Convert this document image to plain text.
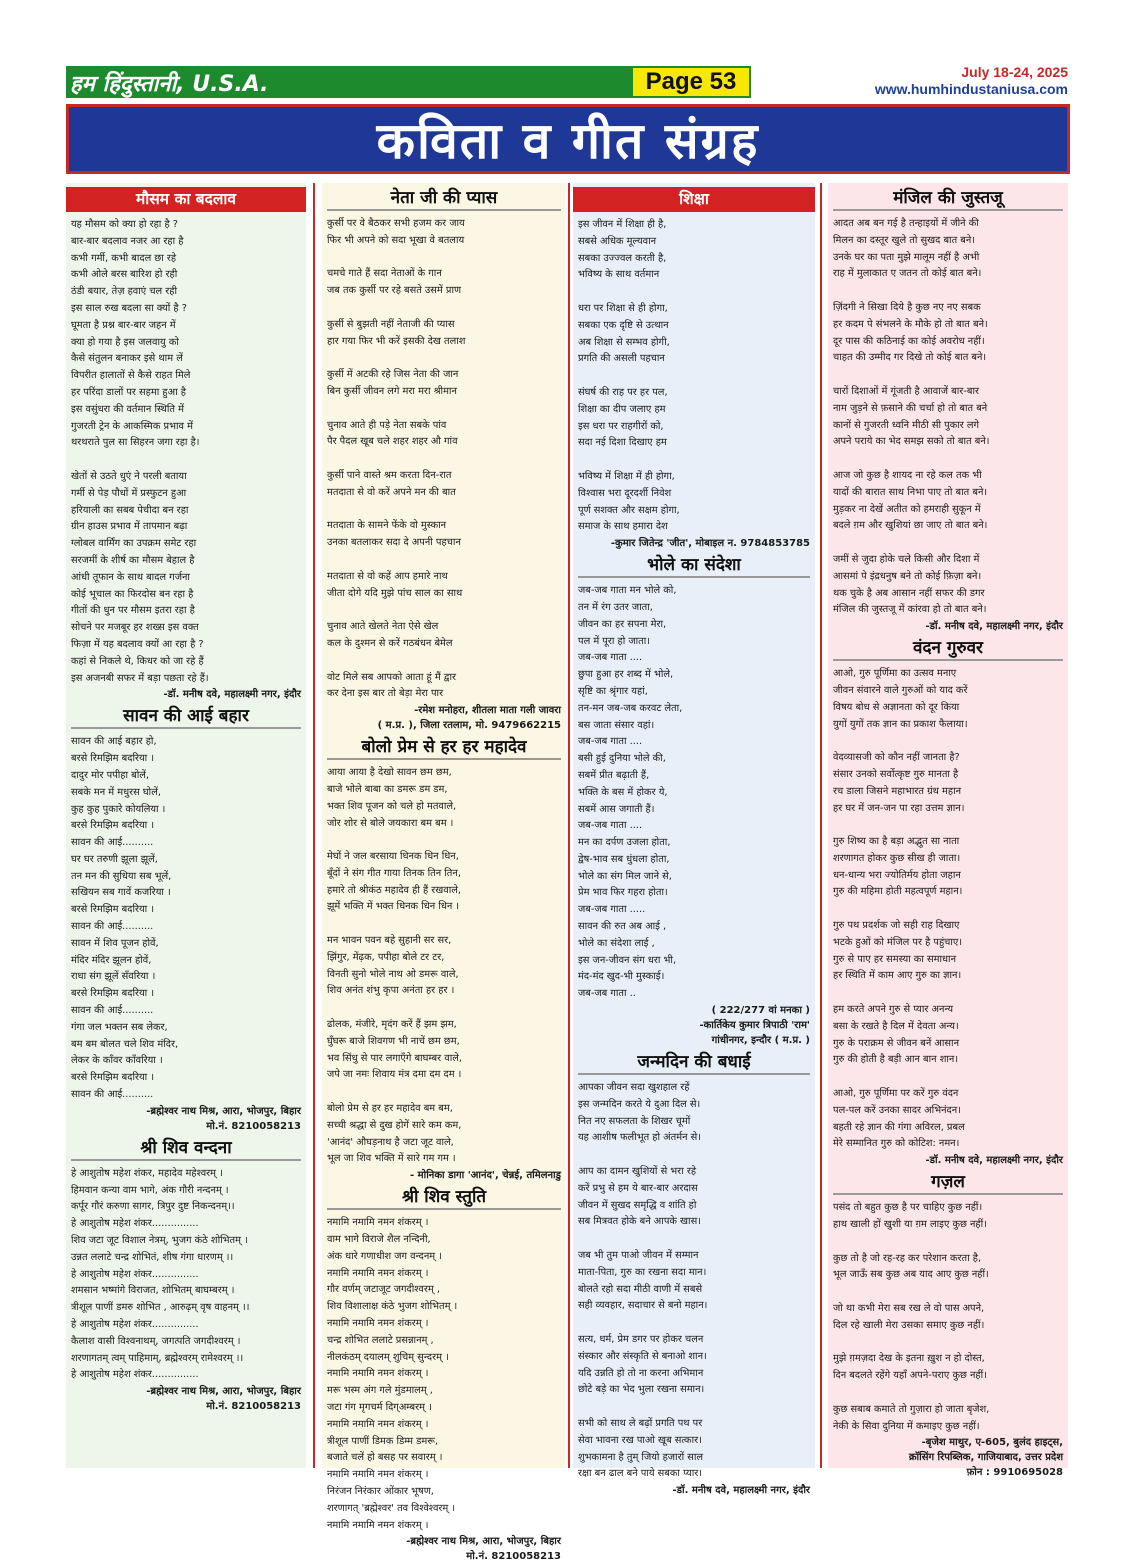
हम हिंदुस्तानी, U.S.A.	Page 53	July 18-24, 2025
www.humhindustaniusa.com
कविता व गीत संग्रह
मौसम का बदलाव
यह मौसम को क्या हो रहा है ?
बार-बार बदलाव नजर आ रहा है
कभी गर्मी, कभी बादल छा रहे
कभी ओले बरस बारिश हो रही
ठंडी बयार, तेज़ हवाएं चल रही
इस साल रुख बदला सा क्यों है ?
घूमता है प्रश्न बार-बार जहन में
क्या हो गया है इस जलवायु को
कैसे संतुलन बनाकर इसे थाम लें
विपरीत हालातों से कैसे राहत मिले
हर परिंदा डालों पर सहमा हुआ है
इस वसुंधरा की वर्तमान स्थिति में
गुजरती ट्रेन के आकस्मिक प्रभाव में
थरथराते पुल सा सिहरन जगा रहा है।

खेतों से उठते धुएं ने परली बताया
गर्मी से पेड़ पौधों में प्रस्फुटन हुआ
हरियाली का सबब पेचीदा बन रहा
ग्रीन हाउस प्रभाव में तापमान बढ़ा
ग्लोबल वार्मिंग का उपक्रम समेट रहा
सरजमीं के शीर्ष का मौसम बेहाल है
आंधी तूफान के साथ बादल गर्जना
कोई भूचाल का फिरदोस बन रहा है
गीतों की धुन पर मौसम इतरा रहा है
सोचने पर मजबूर हर शख्स इस वक्त
फिज़ा में यह बदलाव क्यों आ रहा है ?
कहां से निकले थे, किधर को जा रहे हैं
इस अजनबी सफर में बड़ा पछता रहे हैं।
-डॉ. मनीष दवे, महालक्ष्मी नगर, इंदौर
सावन की आई बहार
सावन की आई बहार हो,
बरसे रिमझिम बदरिया ।
दादुर मोर पपीहा बोलें,
सबके मन में मधुरस घोलें,
कुह कुह पुकारे कोयलिया ।
बरसे रिमझिम बदरिया ।
सावन की आई..........
घर घर तरुणी झूला झूलें,
तन मन की सुधिया सब भूलें,
सखियन सब गावें कजरिया ।
बरसे रिमझिम बदरिया ।
सावन की आई..........
सावन में शिव पूजन होवें,
मंदिर मंदिर झूलन होवें,
राधा संग झूलें सँवरिया ।
बरसे रिमझिम बदरिया ।
सावन की आई..........
गंगा जल भक्तन सब लेकर,
बम बम बोलत चले शिव मंदिर,
लेकर के काँवर काँवरिया ।
बरसे रिमझिम बदरिया ।
सावन की आई..........
-ब्रह्मेश्वर नाथ मिश्र, आरा, भोजपुर, बिहार
मो.नं. 8210058213
श्री शिव वन्दना
हे आशुतोष महेश शंकर, महादेव महेश्वरम् ।
हिमवान कन्या वाम भागे, अंक गौरी नन्दनम् ।
कर्पूर गौरं करुणा सागर, त्रिपुर दुष्ट निकन्दनम्।।
हे आशुतोष महेश शंकर...............
शिव जटा जूट विशाल नेत्रम्, भुजग कंठे शोभितम् ।
उन्नत ललाटे चन्द्र शोभितं, शीष गंगा धारणम् ।।
हे आशुतोष महेश शंकर...............
शमसान भष्मांगे विराजत, शोभितम् बाघम्बरम् ।
त्रीशूल पाणीं डमरु शोभित , आरुढ़म् वृष वाहनम् ।।
हे आशुतोष महेश शंकर...............
कैलाश वासी विश्वनाथम्, जगत्पति जगदीश्वरम् ।
शरणागतम् त्वम् पाहिमाम्, ब्रह्मेश्वरम् रामेश्वरम् ।।
हे आशुतोष महेश शंकर...............
-ब्रह्मेश्वर नाथ मिश्र, आरा, भोजपुर, बिहार
मो.नं. 8210058213
नेता जी की प्यास
कुर्सी पर वे बैठकर सभी हजम कर जाय
फिर भी अपने को सदा भूखा वे बतलाय

चमचे गाते हैं सदा नेताओं के गान
जब तक कुर्सी पर रहे बसते उसमें प्राण

कुर्सी से बुझती नहीं नेताजी की प्यास
हार गया फिर भी करें इसकी देख तलाश

कुर्सी में अटकी रहे जिस नेता की जान
बिन कुर्सी जीवन लगे मरा मरा श्रीमान

चुनाव आते ही पड़े नेता सबके पांव
पैर पैदल खूब चले शहर शहर औ गांव

कुर्सी पाने वास्ते श्रम करता दिन-रात
मतदाता से वो करें अपने मन की बात

मतदाता के सामने फेंके वो मुस्कान
उनका बतलाकर सदा दे अपनी पहचान

मतदाता से वो कहें आप हमारे नाथ
जीता दोगे यदि मुझे पांच साल का साथ

चुनाव आते खेलते नेता ऐसे खेल
कल के दुश्मन से करें गठबंधन बेमेल

वोट मिले सब आपको आता हूं मैं द्वार
कर देना इस बार तो बेड़ा मेरा पार
-रमेश मनोहरा, शीतला माता गली जावरा
( म.प्र. ), जिला रतलाम, मो. 9479662215
बोलो प्रेम से हर हर महादेव
आया आया है देखो सावन छम छम,
बाजे भोले बाबा का डमरू डम डम,
भक्त शिव पूजन को चले हो मतवाले,
जोर शोर से बोले जयकारा बम बम ।

मेघों ने जल बरसाया धिनक धिन धिन,
बूँदों ने संग गीत गाया तिनक तिन तिन,
हमारे तो श्रीकंठ महादेव ही हैं रखवाले,
झूमें भक्ति में भक्त धिनक धिन धिन ।

मन भावन पवन बहे सुहानी सर सर,
झिंगुर, मेंढ़क, पपीहा बोले टर टर,
विनती सुनो भोले नाथ ओ डमरू वाले,
शिव अनंत शंभु कृपा अनंता हर हर ।

ढोलक, मंजीरे, मृदंग करें हैं झम झम,
घुँघरू बाजे शिवगण भी नाचें छम छम,
भव सिंधु से पार लगाएँगे बाघम्बर वाले,
जपे जा नमः शिवाय मंत्र दमा दम दम ।

बोलो प्रेम से हर हर महादेव बम बम,
सच्ची श्रद्धा से दुख होगें सारे कम कम,
'आनंद' औघड़नाथ है जटा जूट वाले,
भूल जा शिव भक्ति में सारे गम गम ।
- मोनिका डागा 'आनंद', चेन्नई, तमिलनाडु
श्री शिव स्तुति
नमामि नमामि नमन शंकरम् ।
वाम भागे विराजे शैल नन्दिनी,
अंक धारे गणाधीश जग वन्दनम् ।
नमामि नमामि नमन शंकरम् ।
गौर वर्णम् जटाजूट जगदीश्वरम् ,
शिव विशालाक्ष कंठे भुजग शोभितम् ।
नमामि नमामि नमन शंकरम् ।
चन्द्र शोभित ललाटे प्रसन्नानम् ,
नीलकंठम् दयालम् शुचिम् सुन्दरम् ।
नमामि नमामि नमन शंकरम् ।
मरू भस्म अंग गले मुंडमालम् ,
जटा गंग मृगचर्म दिग्अम्बरम् ।
नमामि नमामि नमन शंकरम् ।
त्रीशूल पाणीं डिमक डिम्म डमरू,
बजाते चलें हो बसह पर सवारम् ।
नमामि नमामि नमन शंकरम् ।
निरंजन निरंकार ओंकार भूषण,
शरणागत् 'ब्रह्मेश्वर' तव विश्वेश्वरम् ।
नमामि नमामि नमन शंकरम् ।
-ब्रह्मेश्वर नाथ मिश्र, आरा, भोजपुर, बिहार
मो.नं. 8210058213
शिक्षा
इस जीवन में शिक्षा ही है,
सबसे अधिक मूल्यवान
सबका उज्ज्वल करती है,
भविष्य के साथ वर्तमान

धरा पर शिक्षा से ही होगा,
सबका एक दृष्टि से उत्थान
अब शिक्षा से सम्भव होगी,
प्रगति की असली पहचान

संघर्ष की राह पर हर पल,
शिक्षा का दीप जलाए हम
इस धरा पर राहगीरों को,
सदा नई दिशा दिखाए हम

भविष्य में शिक्षा में ही होगा,
विश्वास भरा दूरदर्शी निवेश
पूर्ण सशक्त और सक्षम होगा,
समाज के साथ हमारा देश
-कुमार जितेन्द्र 'जीत', मोबाइल न. 9784853785
भोले का संदेशा
जब-जब गाता मन भोले को,
तन में रंग उतर जाता,
जीवन का हर सपना मेरा,
पल में पूरा हो जाता।
जब-जब गाता ....
छुपा हुआ हर शब्द में भोले,
सृष्टि का श्रृंगार यहां,
तन-मन जब-जब करवट लेता,
बस जाता संसार वहां।
जब-जब गाता ....
बसी हुई दुनिया भोले की,
सबमें प्रीत बढ़ाती हैं,
भक्ति के बस में होकर ये,
सबमें आस जगाती हैं।
जब-जब गाता ....
मन का दर्पण उजला होता,
द्वेष-भाव सब धुंधला होता,
भोले का संग मिल जाने से,
प्रेम भाव फिर गहरा होता।
जब-जब गाता .....
सावन की रुत अब आई ,
भोले का संदेशा लाई ,
इस जन-जीवन संग धरा भी,
मंद-मंद खुद-भी मुस्काई।
जब-जब गाता ..
( 222/277 वां मनका )
-कार्तिकेय कुमार त्रिपाठी 'राम'
गांधीनगर, इन्दौर ( म.प्र. )
जन्मदिन की बधाई
आपका जीवन सदा खुशहाल रहें
इस जन्मदिन करते ये दुआ दिल से।
नित नए सफलता के शिखर चूमों
यह आशीष फलीभूत हो अंतर्मन से।

आप का दामन खुशियों से भरा रहे
करें प्रभु से हम ये बार-बार अरदास
जीवन में सुखद समृद्धि व शांति हो
सब मित्रवत होके बने आपके खास।

जब भी तुम पाओ जीवन में सम्मान
माता-पिता, गुरु का रखना सदा मान।
बोलते रहो सदा मीठी वाणी में सबसे
सही व्यवहार, सदाचार से बनो महान।

सत्य, धर्म, प्रेम डगर पर होकर चलन
संस्कार और संस्कृति से बनाओ शान।
यदि उन्नति हो तो ना करना अभिमान
छोटे बड़े का भेद भुला रखना समान।

सभी को साथ ले बढ़ों प्रगति पथ पर
सेवा भावना रख पाओ खूब सत्कार।
शुभकामना है तुम् जियो हजारों साल
रक्षा बन ढाल बने पाये सबका प्यार।
-डॉ. मनीष दवे, महालक्ष्मी नगर, इंदौर
मंजिल की जुस्तजू
आदत अब बन गई है तन्हाइयों में जीने की
मिलन का दस्तूर खुले तो सुखद बात बने।
उनके घर का पता मुझे मालूम नहीं है अभी
राह में मुलाकात ए जतन तो कोई बात बने।

ज़िंदगी ने सिखा दिये है कुछ नए नए सबक
हर कदम पे संभलने के मौके हो तो बात बने।
दूर पास की कठिनाई का कोई अवरोध नहीं।
चाहत की उम्मीद गर दिखे तो कोई बात बने।

चारों दिशाओं में गूंजती है आवाजें बार-बार
नाम जुड़ने से फ़साने की चर्चा हो तो बात बने
कानों से गुजरती ध्वनि मीठी सी पुकार लगे
अपने पराये का भेद समझ सको तो बात बने।

आज जो कुछ है शायद ना रहे कल तक भी
यादों की बारात साथ निभा पाए तो बात बने।
मुड़कर ना देखें अतीत को हमराही सुकून में
बदले ग़म और खुशियां छा जाए तो बात बने।

जमीं से जुदा होके चले किसी और दिशा में
आसमां पे इंद्रधनुष बने तो कोई फ़िज़ा बने।
थक चुके है अब आसान नहीं सफर की डगर
मंजिल की जुस्तजू में कांरवा हो तो बात बने।
-डॉ. मनीष दवे, महालक्ष्मी नगर, इंदौर
वंदन गुरुवर
आओ, गुरु पूर्णिमा का उत्सव मनाए
जीवन संवारने वाले गुरुओं को याद करें
विषय बोध से अज्ञानता को दूर किया
युगों युगों तक ज्ञान का प्रकाश फैलाया।

वेदव्यासजी को कौन नहीं जानता है?
संसार उनको सर्वोत्कृष्ट गुरु मानता है
रच डाला जिसने महाभारत ग्रंथ महान
हर घर में जन-जन पा रहा उत्तम ज्ञान।

गुरु शिष्य का है बड़ा अद्भुत सा नाता
शरणागत होकर कुछ सीख ही जाता।
धन-धान्य भरा ज्योतिर्मय होता जहान
गुरु की महिमा होती महत्वपूर्ण महान।

गुरु पथ प्रदर्शक जो सही राह दिखाए
भटके हुओं को मंजिल पर है पहुंचाए।
गुरु से पाए हर समस्या का समाधान
हर स्थिति में काम आए गुरु का ज्ञान।

हम करते अपने गुरु से प्यार अनन्य
बसा के रखते है दिल में देवता अन्य।
गुरु के पराक्रम से जीवन बनें आसान
गुरु की होती है बड़ी आन बान शान।

आओ, गुरु पूर्णिमा पर करें गुरु वंदन
पल-पल करें उनका सादर अभिनंदन।
बहती रहे ज्ञान की गंगा अविरल, प्रबल
मेरे सम्मानित गुरु को कोटिश: नमन।
-डॉ. मनीष दवे, महालक्ष्मी नगर, इंदौर
गज़ल
पसंद तो बहुत कुछ है पर चाहिए कुछ नहीं।
हाथ खाली हों खुशी या ग़म लाइए कुछ नहीं।

कुछ तो है जो रह-रह कर परेशान करता है,
भूल जाऊँ सब कुछ अब याद आए कुछ नहीं।

जो था कभी मेरा सब रख ले वो पास अपने,
दिल रहे खाली मेरा उसका समाए कुछ नहीं।

मुझे ग़मज़दा देख के इतना ख़ुश न हो दोस्त,
दिन बदलते रहेंगे यहाँ अपने-पराए कुछ नहीं।

कुछ सबाब कमाते तो गुज़ारा हो जाता बृजेश,
नेकी के सिवा दुनिया में कमाइए कुछ नहीं।
-बृजेश माथुर, ए-605, बुलंद हाइट्स,
क्रॉसिंग रिपब्लिक, गाजियाबाद, उत्तर प्रदेश
फ़ोन : 9910695028
